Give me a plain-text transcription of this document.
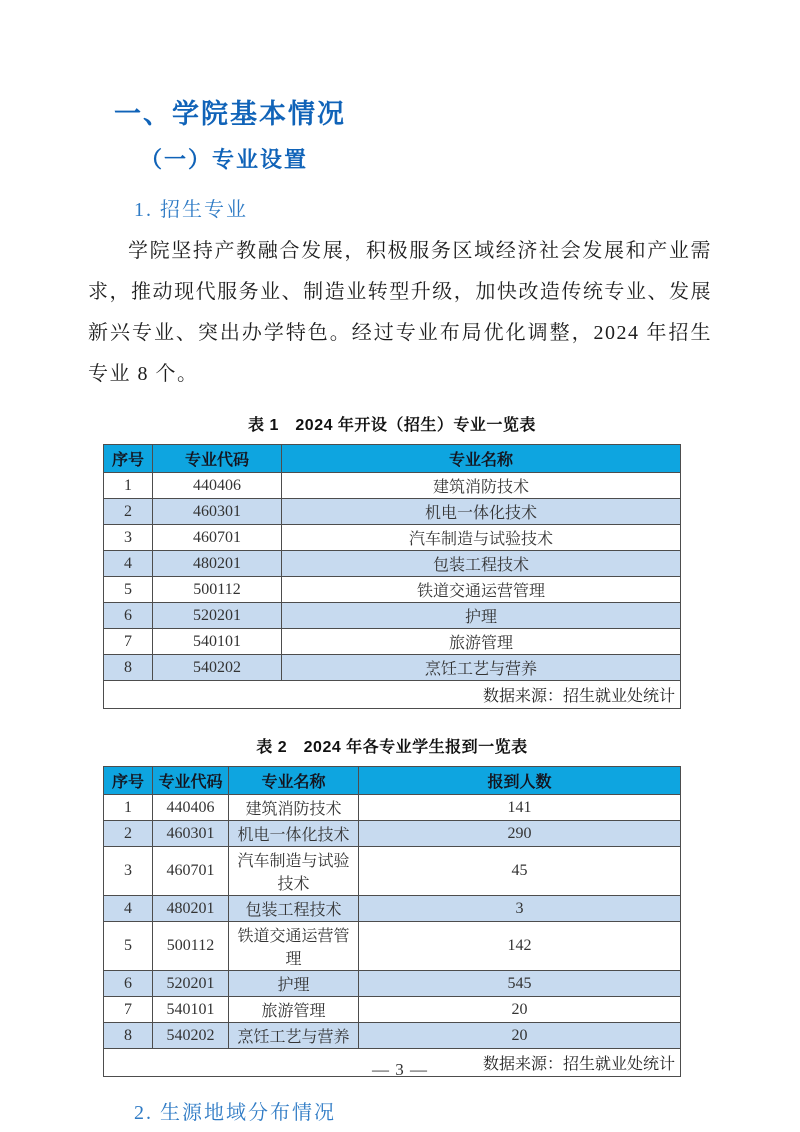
一、学院基本情况
（一）专业设置
1. 招生专业

学院坚持产教融合发展，积极服务区域经济社会发展和产业需求，推动现代服务业、制造业转型升级，加快改造传统专业、发展新兴专业、突出办学特色。经过专业布局优化调整，2024 年招生专业 8 个。

表 1　2024 年开设（招生）专业一览表
序号	专业代码	专业名称
1	440406	建筑消防技术
2	460301	机电一体化技术
3	460701	汽车制造与试验技术
4	480201	包装工程技术
5	500112	铁道交通运营管理
6	520201	护理
7	540101	旅游管理
8	540202	烹饪工艺与营养
数据来源：招生就业处统计		
表 2　2024 年各专业学生报到一览表
序号	专业代码	专业名称	报到人数
1	440406	建筑消防技术	141
2	460301	机电一体化技术	290
3	460701	汽车制造与试验技术	45
4	480201	包装工程技术	3
5	500112	铁道交通运营管理	142
6	520201	护理	545
7	540101	旅游管理	20
8	540202	烹饪工艺与营养	20
数据来源：招生就业处统计			
2. 生源地域分布情况
— 3 —
